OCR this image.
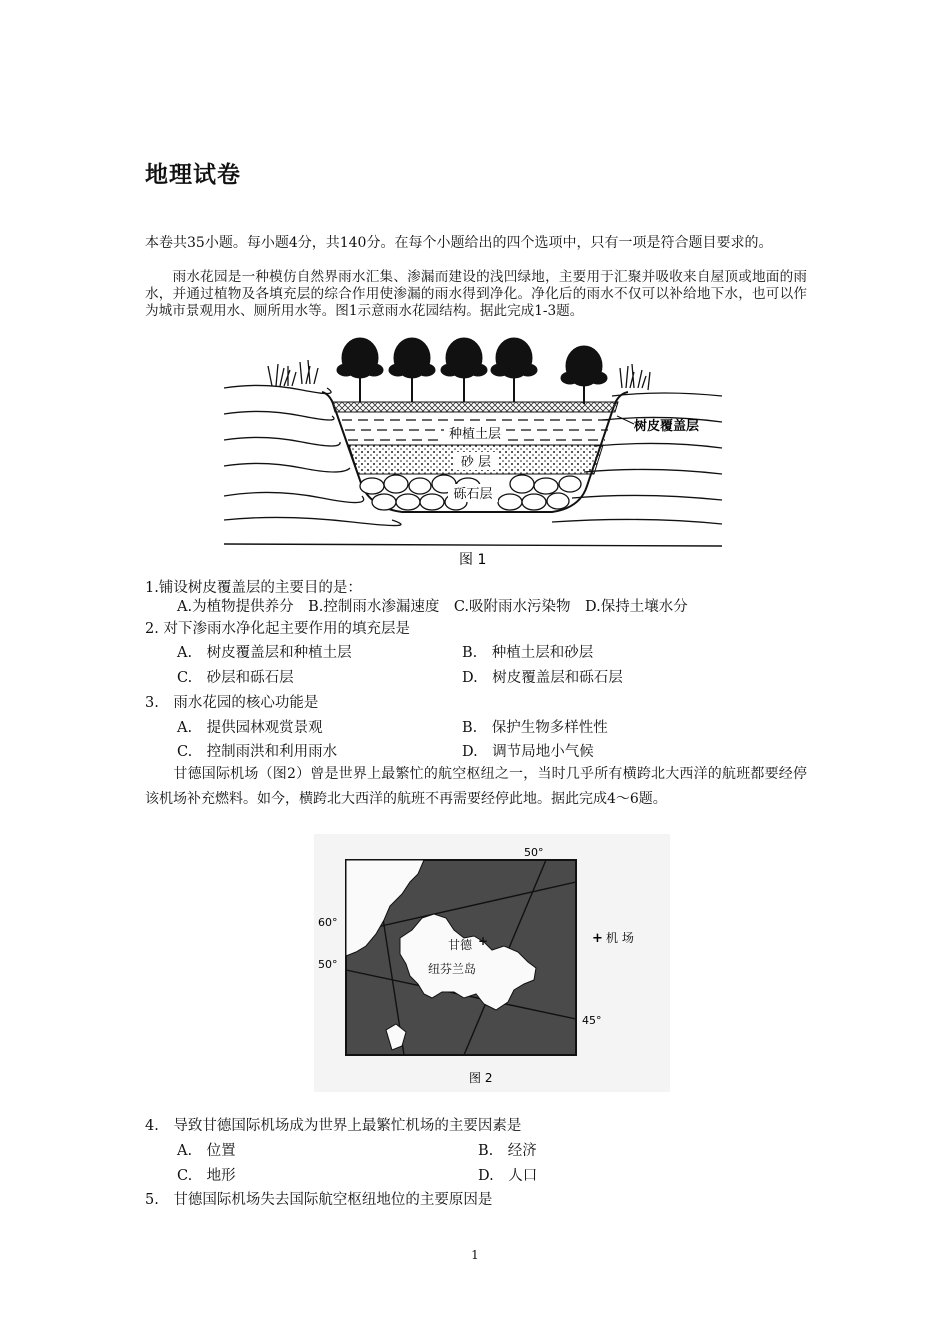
地理试卷
本卷共35小题。每小题4分，共140分。在每个小题给出的四个选项中，只有一项是符合题目要求的。
　　雨水花园是一种模仿自然界雨水汇集、渗漏而建设的浅凹绿地，主要用于汇聚并吸收来自屋顶或地面的雨水，并通过植物及各填充层的综合作用使渗漏的雨水得到净化。净化后的雨水不仅可以补给地下水，也可以作为城市景观用水、厕所用水等。图1示意雨水花园结构。据此完成1-3题。
种植土层
砂 层
砾石层
树皮覆盖层
图 1
1.铺设树皮覆盖层的主要目的是：
A.为植物提供养分　B.控制雨水渗漏速度　C.吸附雨水污染物　D.保持土壤水分
2. 对下渗雨水净化起主要作用的填充层是
A.　树皮覆盖层和种植土层	B.　种植土层和砂层
C.　砂层和砾石层	D.　树皮覆盖层和砾石层
3.　雨水花园的核心功能是
A.　提供园林观赏景观	B.　保护生物多样性性
C.　控制雨洪和利用雨水	D.　调节局地小气候
　　甘德国际机场（图2）曾是世界上最繁忙的航空枢纽之一，当时几乎所有横跨北大西洋的航班都要经停该机场补充燃料。如今，横跨北大西洋的航班不再需要经停此地。据此完成4～6题。
+
甘德
纽芬兰岛
50°
60°
50°
45°
+ 机 场
图 2
4.　导致甘德国际机场成为世界上最繁忙机场的主要因素是
A.　位置	B.　经济
C.　地形	D.　人口
5.　甘德国际机场失去国际航空枢纽地位的主要原因是
1
